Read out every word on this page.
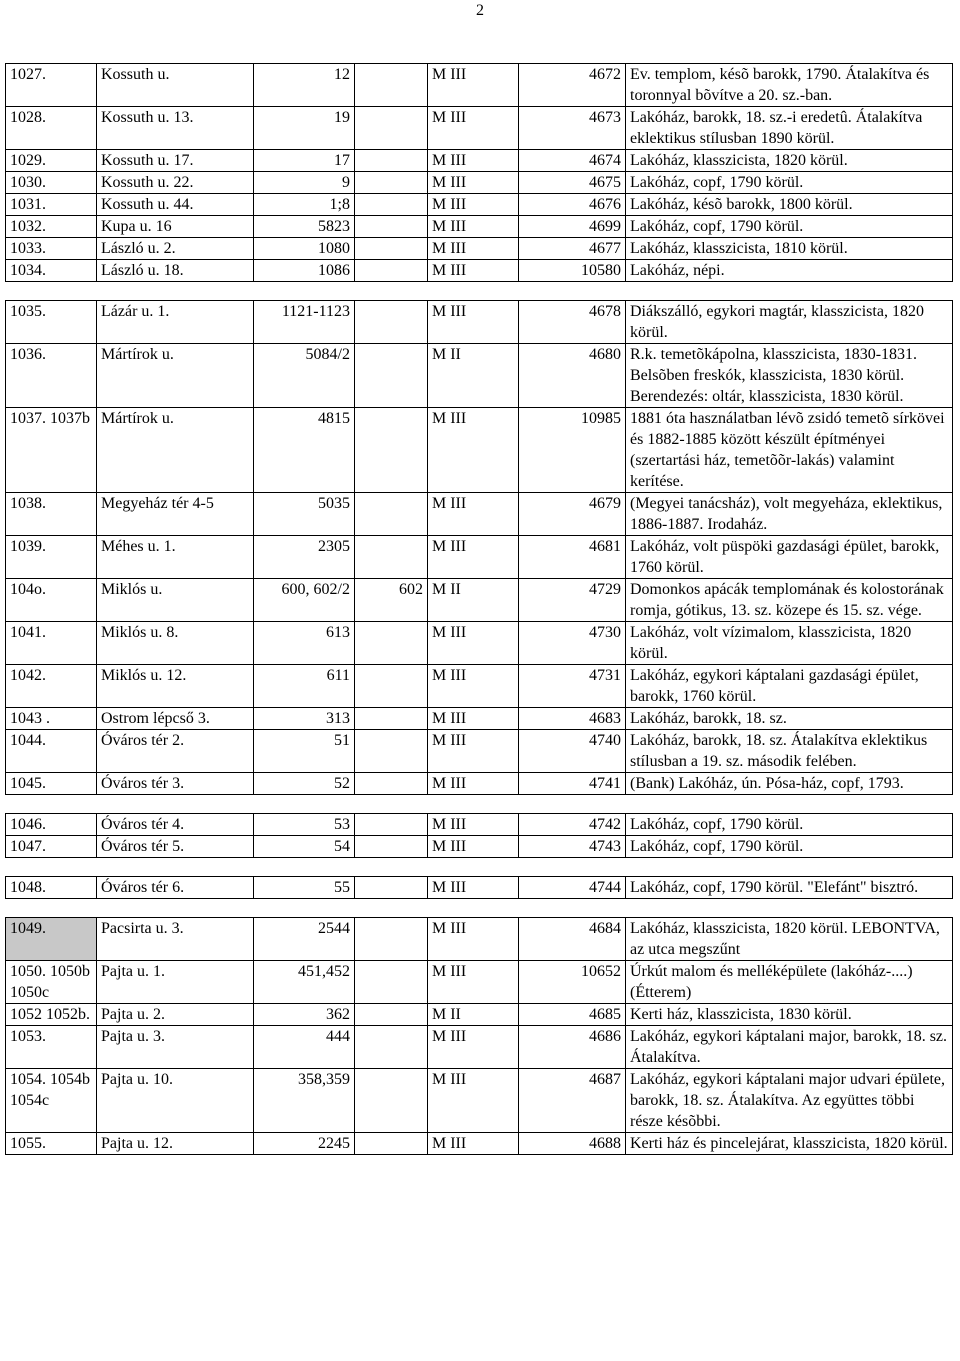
2
1027.	Kossuth u.	12		M III	4672	Ev. templom, késõ barokk, 1790. Átalakítva és toronnyal bõvítve a 20. sz.-ban.
1028.	Kossuth u. 13.	19		M III	4673	Lakóház, barokk, 18. sz.-i eredetû. Átalakítva eklektikus stílusban 1890 körül.
1029.	Kossuth u. 17.	17		M III	4674	Lakóház, klasszicista, 1820 körül.
1030.	Kossuth u. 22.	9		M III	4675	Lakóház, copf, 1790 körül.
1031.	Kossuth u. 44.	1;8		M III	4676	Lakóház, késõ barokk, 1800 körül.
1032.	Kupa u. 16	5823		M III	4699	Lakóház, copf, 1790 körül.
1033.	László u. 2.	1080		M III	4677	Lakóház, klasszicista, 1810 körül.
1034.	László u. 18.	1086		M III	10580	Lakóház, népi.

1035.	Lázár u. 1.	1121-1123		M III	4678	Diákszálló, egykori magtár, klasszicista, 1820 körül.
1036.	Mártírok u.	5084/2		M II	4680	R.k. temetõkápolna, klasszicista, 1830-1831. Belsõben freskók, klasszicista, 1830 körül. Berendezés: oltár, klasszicista, 1830 körül.
1037. 1037b	Mártírok u.	4815		M III	10985	1881 óta használatban lévõ zsidó temetõ sírkövei és 1882-1885 között készült építményei (szertartási ház, temetõõr-lakás) valamint kerítése.
1038.	Megyeház tér 4-5	5035		M III	4679	(Megyei tanácsház), volt megyeháza, eklektikus, 1886-1887. Irodaház.
1039.	Méhes u. 1.	2305		M III	4681	Lakóház, volt püspöki gazdasági épület, barokk, 1760 körül.
104o.	Miklós u.	600, 602/2	602	M II	4729	Domonkos apácák templomának és kolostorának romja, gótikus, 13. sz. közepe és 15. sz. vége.
1041.	Miklós u. 8.	613		M III	4730	Lakóház, volt vízimalom, klasszicista, 1820 körül.
1042.	Miklós u. 12.	611		M III	4731	Lakóház, egykori káptalani gazdasági épület, barokk, 1760 körül.
1043 .	Ostrom lépcső 3.	313		M III	4683	Lakóház, barokk, 18. sz.
1044.	Óváros tér 2.	51		M III	4740	Lakóház, barokk, 18. sz. Átalakítva eklektikus stílusban a 19. sz. második felében.
1045.	Óváros tér 3.	52		M III	4741	(Bank) Lakóház, ún. Pósa-ház, copf, 1793.

1046.	Óváros tér 4.	53		M III	4742	Lakóház, copf, 1790 körül.
1047.	Óváros tér 5.	54		M III	4743	Lakóház, copf, 1790 körül.

1048.	Óváros tér 6.	55		M III	4744	Lakóház, copf, 1790 körül. "Elefánt" bisztró.

1049.	Pacsirta u. 3.	2544		M III	4684	Lakóház, klasszicista, 1820 körül. LEBONTVA, az utca megszűnt
1050. 1050b 1050c	Pajta u. 1.	451,452		M III	10652	Úrkút malom és melléképülete (lakóház-....) (Étterem)
1052 1052b.	Pajta u. 2.	362		M II	4685	Kerti ház, klasszicista, 1830 körül.
1053.	Pajta u. 3.	444		M III	4686	Lakóház, egykori káptalani major, barokk, 18. sz. Átalakítva.
1054. 1054b 1054c	Pajta u. 10.	358,359		M III	4687	Lakóház, egykori káptalani major udvari épülete, barokk, 18. sz. Átalakítva. Az együttes többi része késõbbi.
1055.	Pajta u. 12.	2245		M III	4688	Kerti ház és pincelejárat, klasszicista, 1820 körül.
